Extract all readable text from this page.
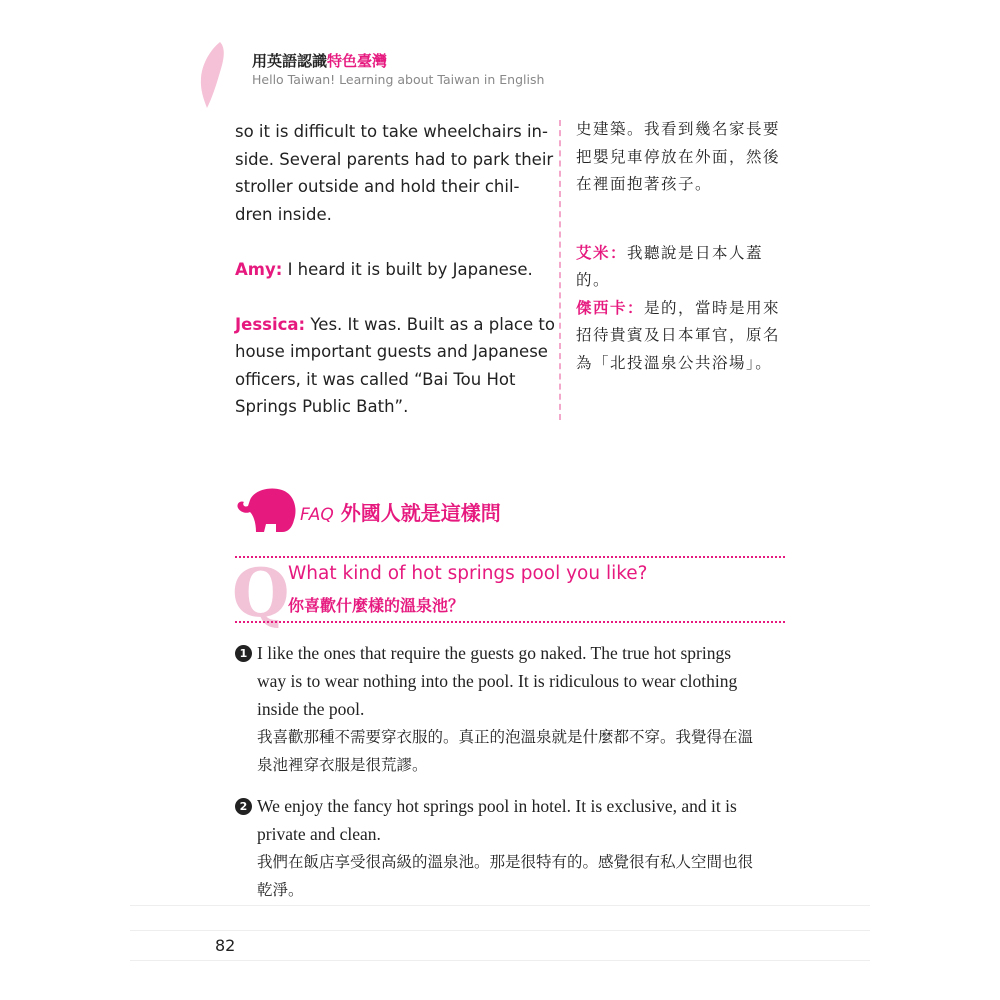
用英語認識特色臺灣
Hello Taiwan! Learning about Taiwan in English
so it is difficult to take wheelchairs in-
side. Several parents had to park their
stroller outside and hold their chil-
dren inside.
Amy: I heard it is built by Japanese.
Jessica: Yes. It was. Built as a place to
house important guests and Japanese
officers, it was called “Bai Tou Hot
Springs Public Bath”.
史建築。我看到幾名家長要
把嬰兒車停放在外面，然後
在裡面抱著孩子。
艾米：我聽說是日本人蓋
的。
傑西卡：是的，當時是用來
招待貴賓及日本軍官，原名
為「北投溫泉公共浴場」。
FAQ 外國人就是這樣問
Q
What kind of hot springs pool you like?
你喜歡什麼樣的溫泉池？
1 I like the ones that require the guests go naked. The true hot springs
way is to wear nothing into the pool. It is ridiculous to wear clothing
inside the pool.
我喜歡那種不需要穿衣服的。真正的泡溫泉就是什麼都不穿。我覺得在溫
泉池裡穿衣服是很荒謬。
2 We enjoy the fancy hot springs pool in hotel. It is exclusive, and it is
private and clean.
我們在飯店享受很高級的溫泉池。那是很特有的。感覺很有私人空間也很
乾淨。
82
